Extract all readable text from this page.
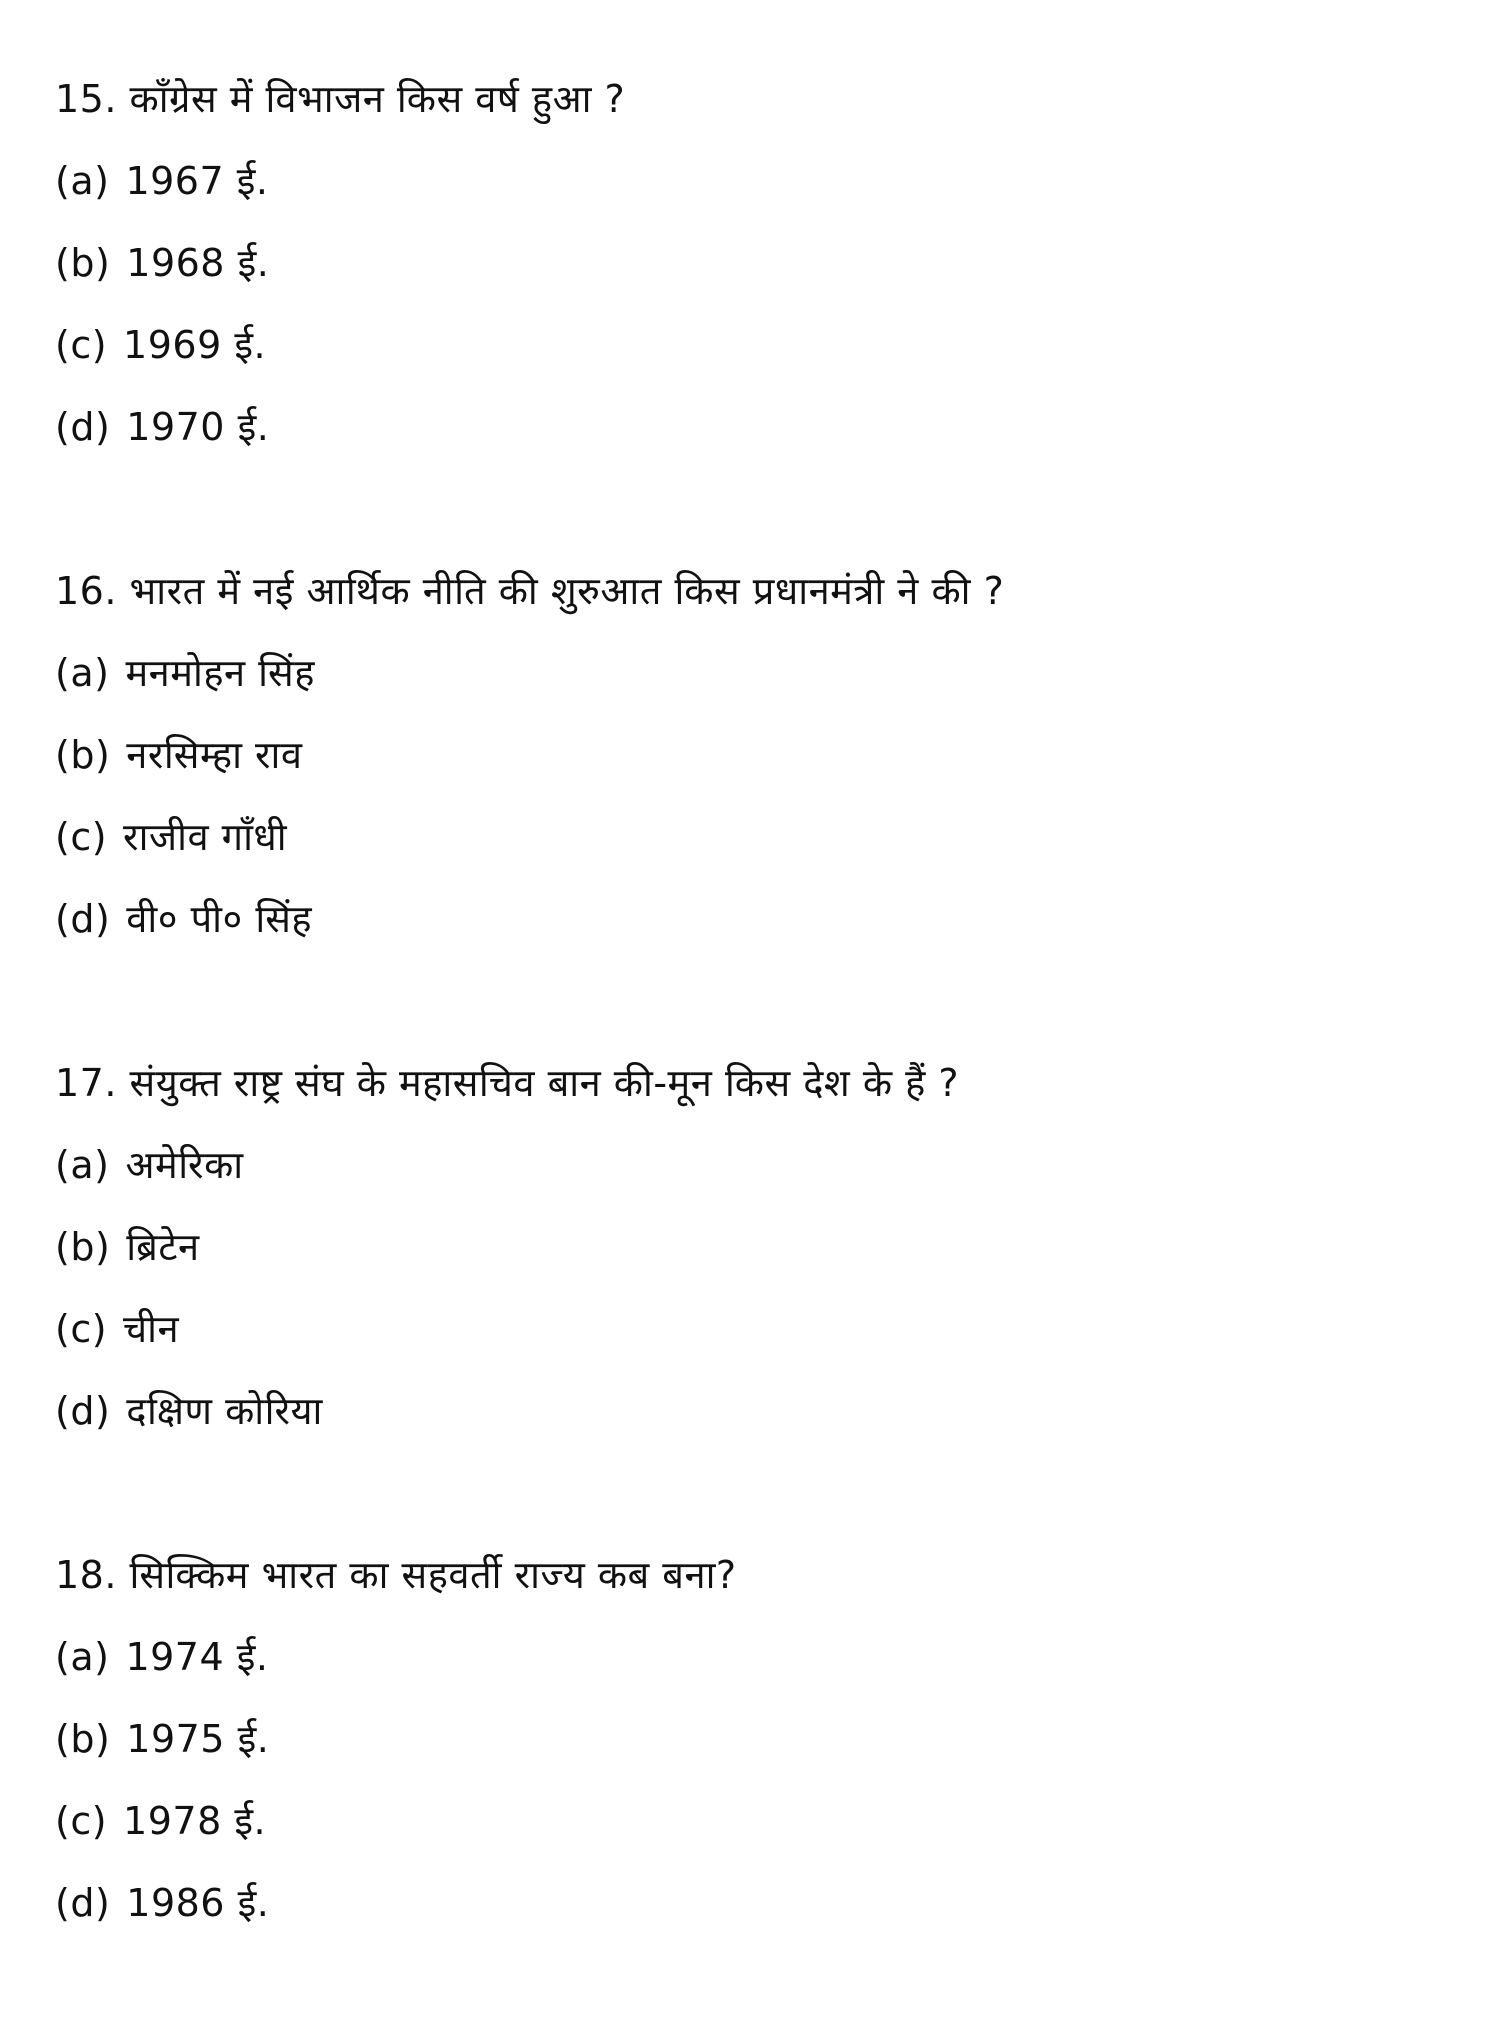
15. काँग्रेस में विभाजन किस वर्ष हुआ ?
(a) 1967 ई.
(b) 1968 ई.
(c) 1969 ई.
(d) 1970 ई.
16. भारत में नई आर्थिक नीति की शुरुआत किस प्रधानमंत्री ने की ?
(a) मनमोहन सिंह
(b) नरसिम्हा राव
(c) राजीव गाँधी
(d) वी० पी० सिंह
17. संयुक्त राष्ट्र संघ के महासचिव बान की-मून किस देश के हैं ?
(a) अमेरिका
(b) ब्रिटेन
(c) चीन
(d) दक्षिण कोरिया
18. सिक्किम भारत का सहवर्ती राज्य कब बना?
(a) 1974 ई.
(b) 1975 ई.
(c) 1978 ई.
(d) 1986 ई.
